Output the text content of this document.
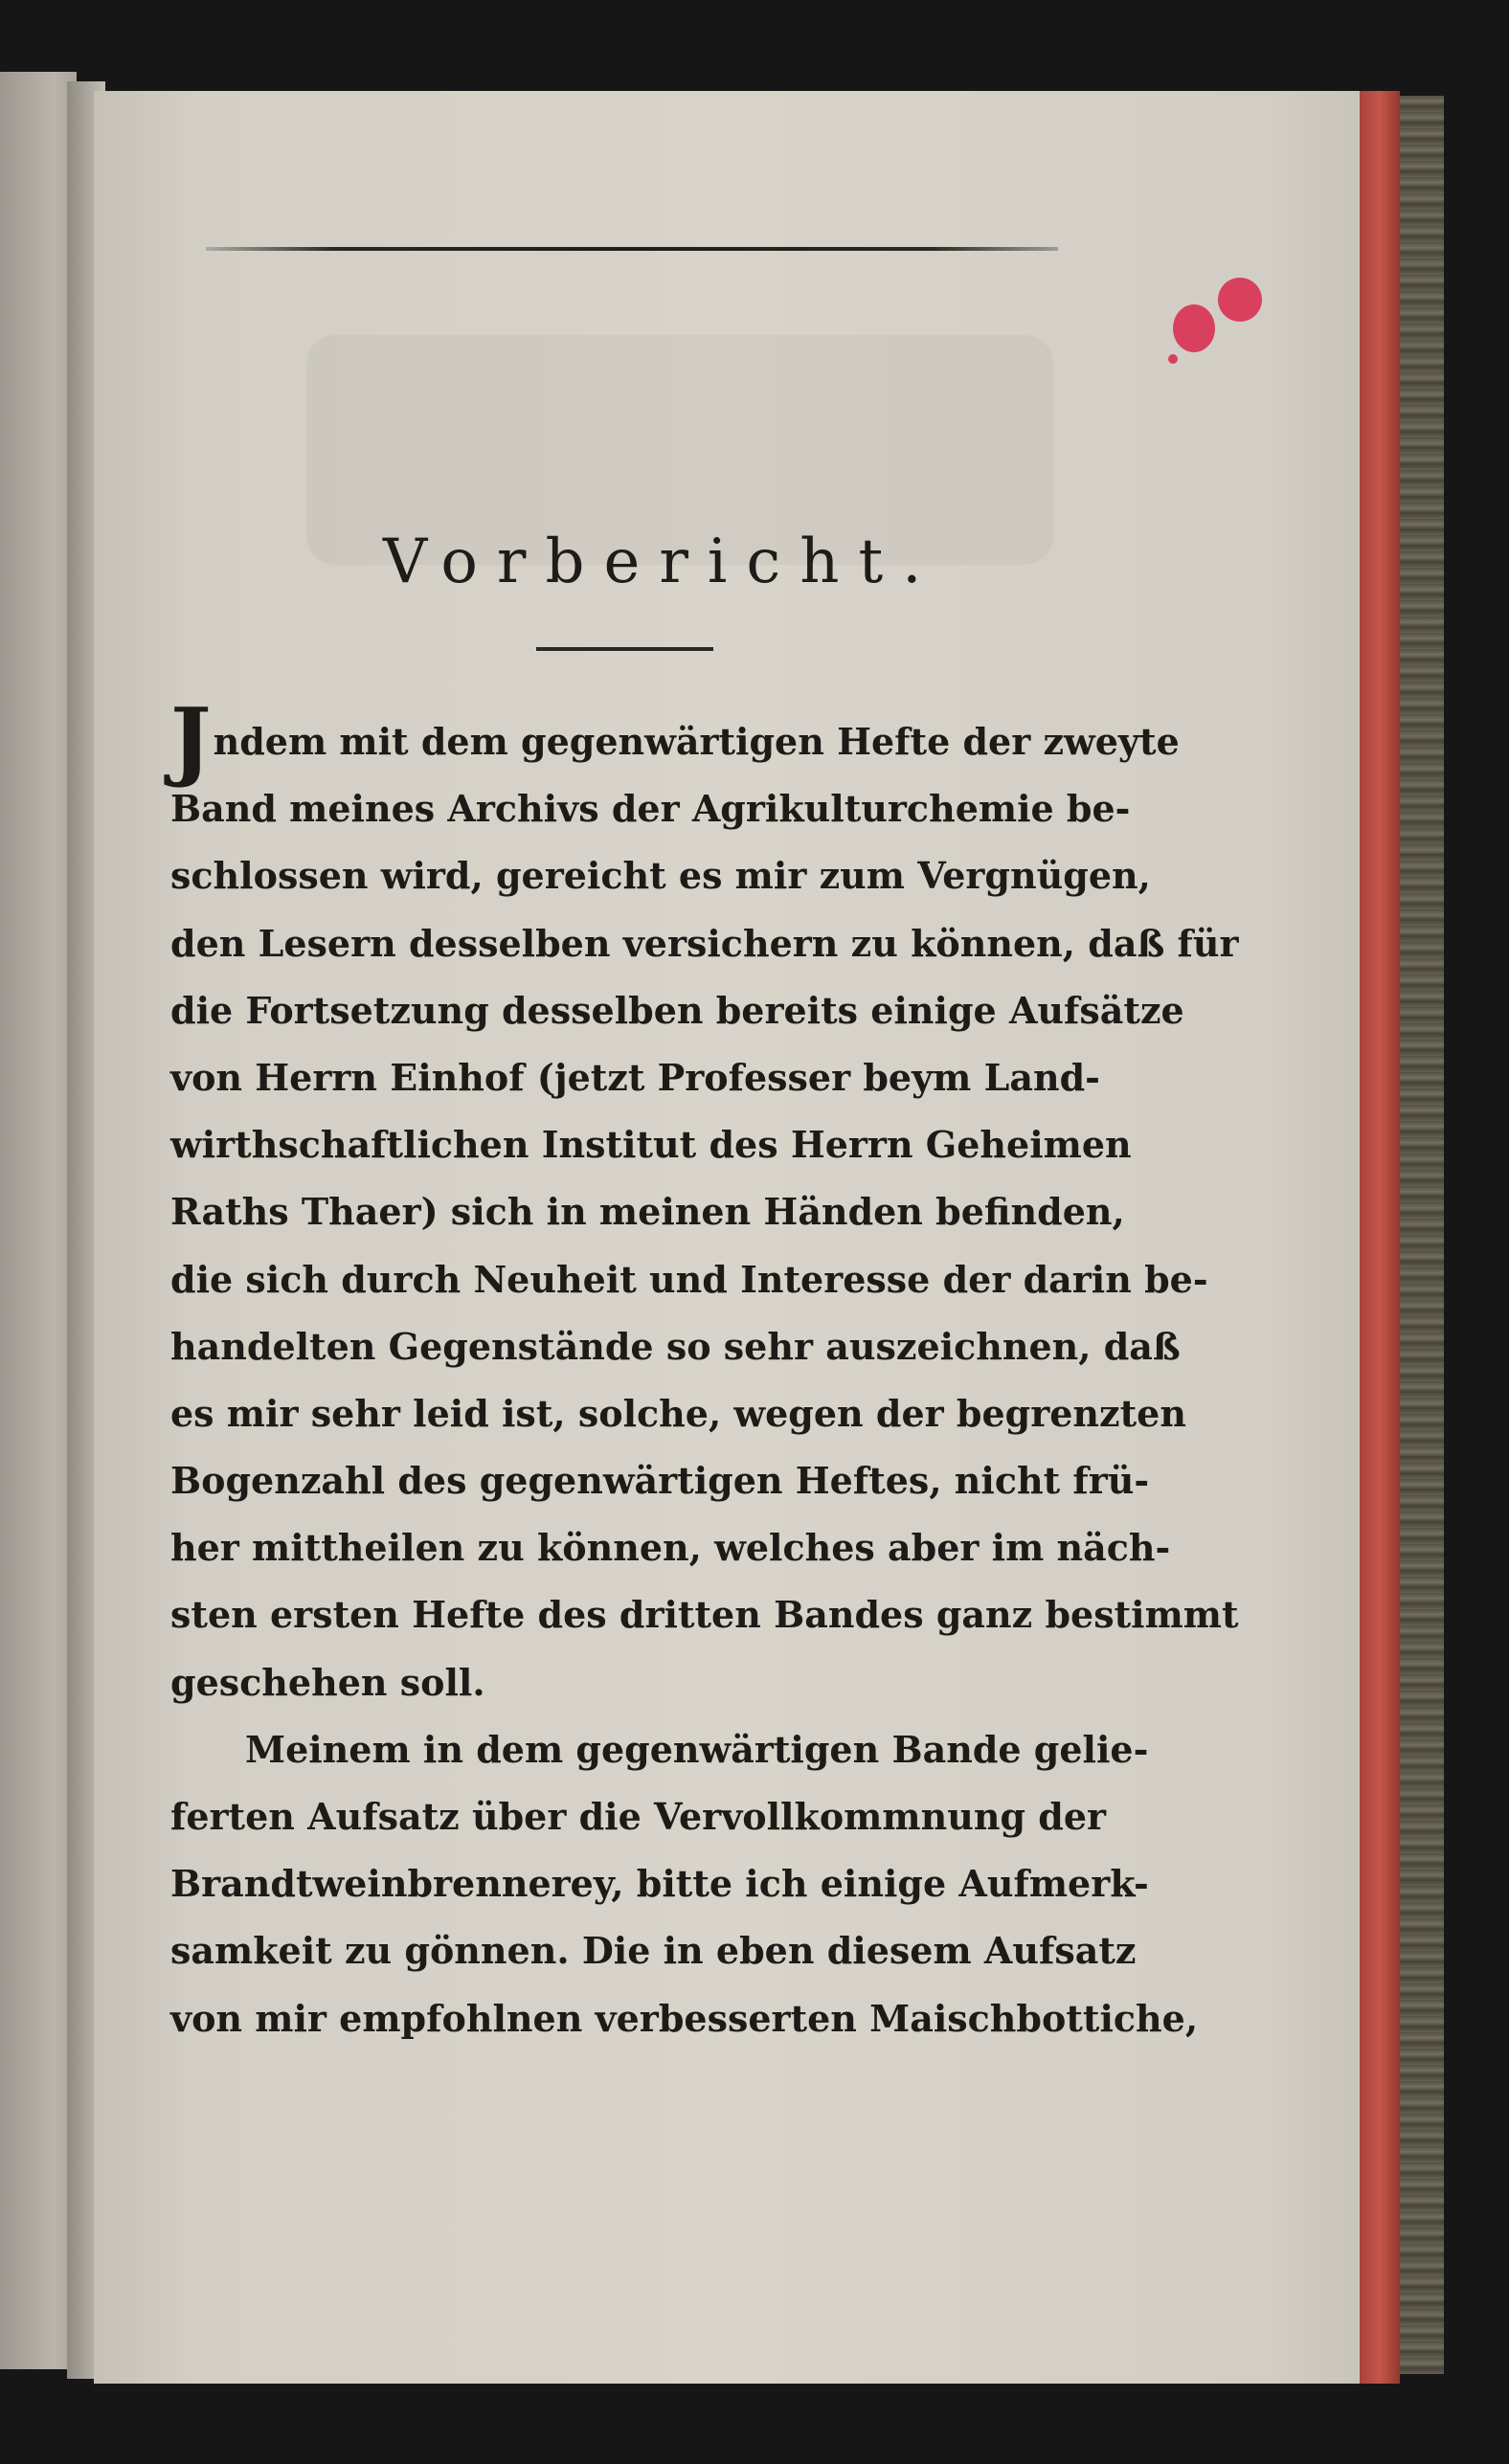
Vorbericht.
Jndem mit dem gegenwärtigen Hefte der zweyte
Band meines Archivs der Agrikulturchemie be-
schlossen wird, gereicht es mir zum Vergnügen,
den Lesern desselben versichern zu können, daß für
die Fortsetzung desselben bereits einige Aufsätze
von Herrn Einhof (jetzt Professer beym Land-
wirthschaftlichen Institut des Herrn Geheimen
Raths Thaer) sich in meinen Händen befinden,
die sich durch Neuheit und Interesse der darin be-
handelten Gegenstände so sehr auszeichnen, daß
es mir sehr leid ist, solche, wegen der begrenzten
Bogenzahl des gegenwärtigen Heftes, nicht frü-
her mittheilen zu können, welches aber im näch-
sten ersten Hefte des dritten Bandes ganz bestimmt
geschehen soll.
Meinem in dem gegenwärtigen Bande gelie-
ferten Aufsatz über die Vervollkommnung der
Brandtweinbrennerey, bitte ich einige Aufmerk-
samkeit zu gönnen. Die in eben diesem Aufsatz
von mir empfohlnen verbesserten Maischbottiche,
